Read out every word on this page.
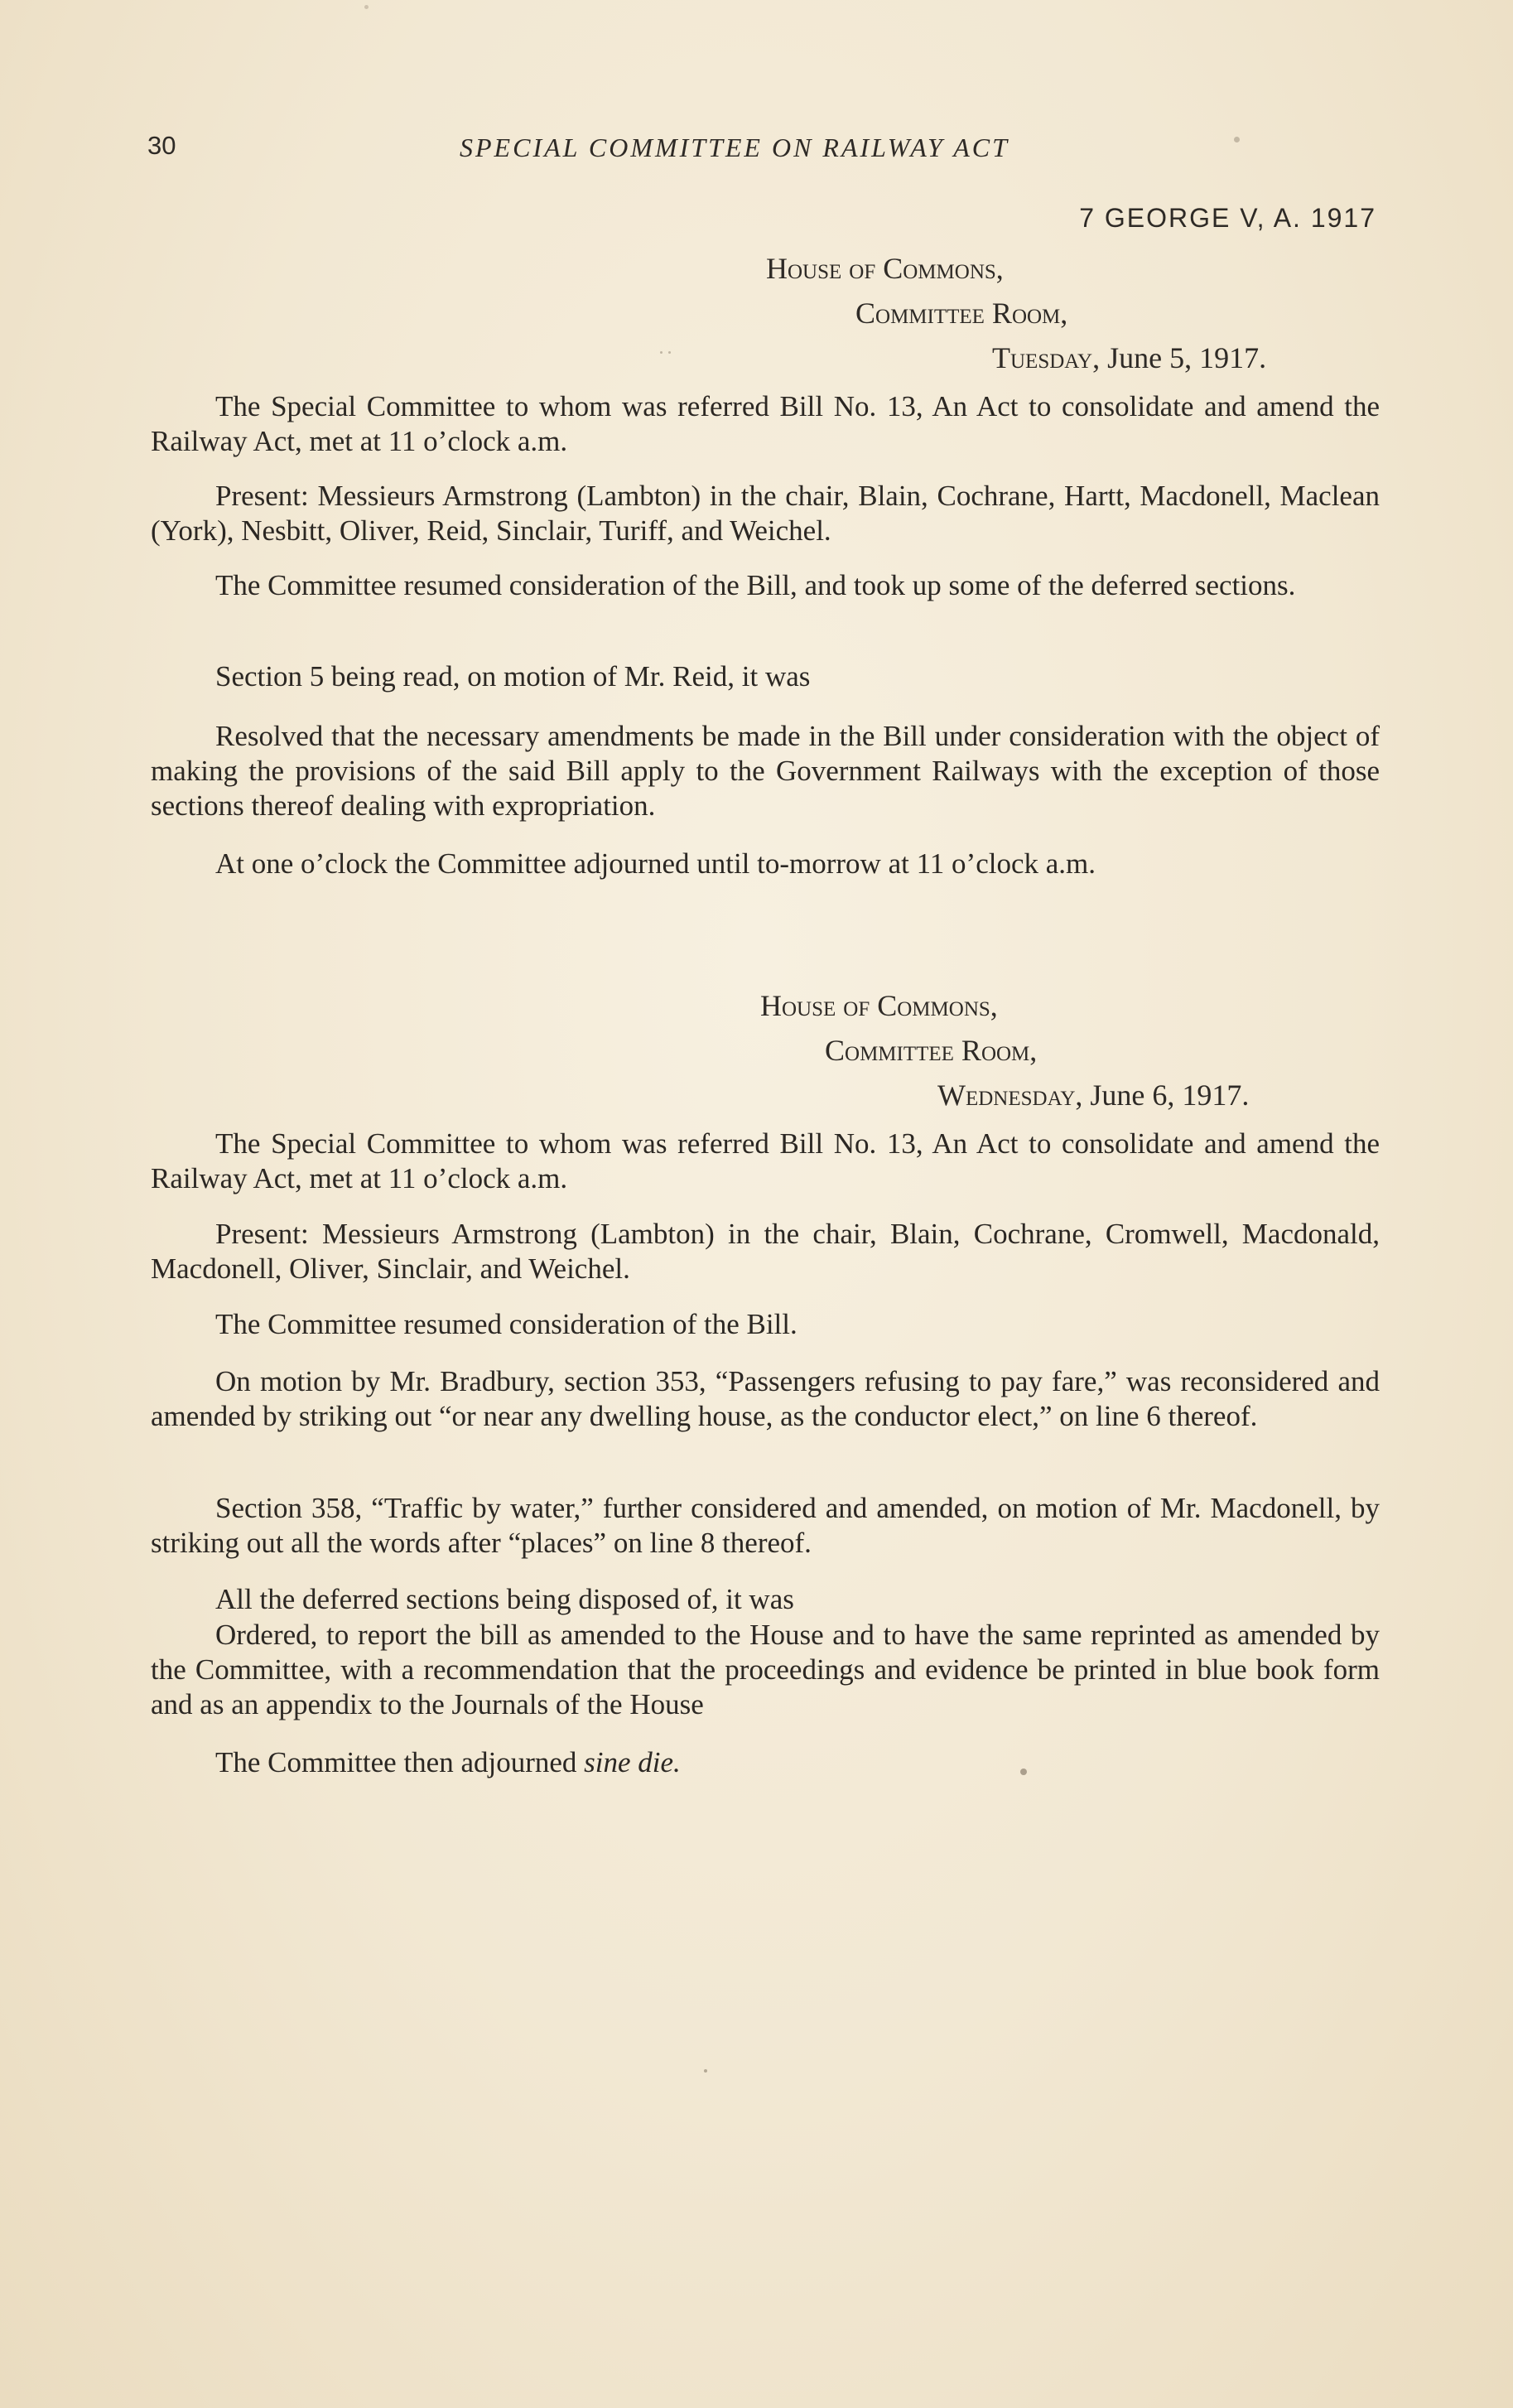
30	SPECIAL COMMITTEE ON RAILWAY ACT
7 GEORGE V, A. 1917
House of Commons,
Committee Room,
Tuesday, June 5, 1917.

The Special Committee to whom was referred Bill No. 13, An Act to consolidate and amend the Railway Act, met at 11 o’clock a.m.

Present: Messieurs Armstrong (Lambton) in the chair, Blain, Cochrane, Hartt, Macdonell, Maclean (York), Nesbitt, Oliver, Reid, Sinclair, Turiff, and Weichel.

The Committee resumed consideration of the Bill, and took up some of the deferred sections.

Section 5 being read, on motion of Mr. Reid, it was

Resolved that the necessary amendments be made in the Bill under consideration with the object of making the provisions of the said Bill apply to the Government Railways with the exception of those sections thereof dealing with expropriation.

At one o’clock the Committee adjourned until to-morrow at 11 o’clock a.m.

House of Commons,
Committee Room,
Wednesday, June 6, 1917.

The Special Committee to whom was referred Bill No. 13, An Act to consolidate and amend the Railway Act, met at 11 o’clock a.m.

Present: Messieurs Armstrong (Lambton) in the chair, Blain, Cochrane, Cromwell, Macdonald, Macdonell, Oliver, Sinclair, and Weichel.

The Committee resumed consideration of the Bill.

On motion by Mr. Bradbury, section 353, “Passengers refusing to pay fare,” was reconsidered and amended by striking out “or near any dwelling house, as the conductor elect,” on line 6 thereof.

Section 358, “Traffic by water,” further considered and amended, on motion of Mr. Macdonell, by striking out all the words after “places” on line 8 thereof.

All the deferred sections being disposed of, it was

Ordered, to report the bill as amended to the House and to have the same reprinted as amended by the Committee, with a recommendation that the proceedings and evidence be printed in blue book form and as an appendix to the Journals of the House

The Committee then adjourned sine die.
